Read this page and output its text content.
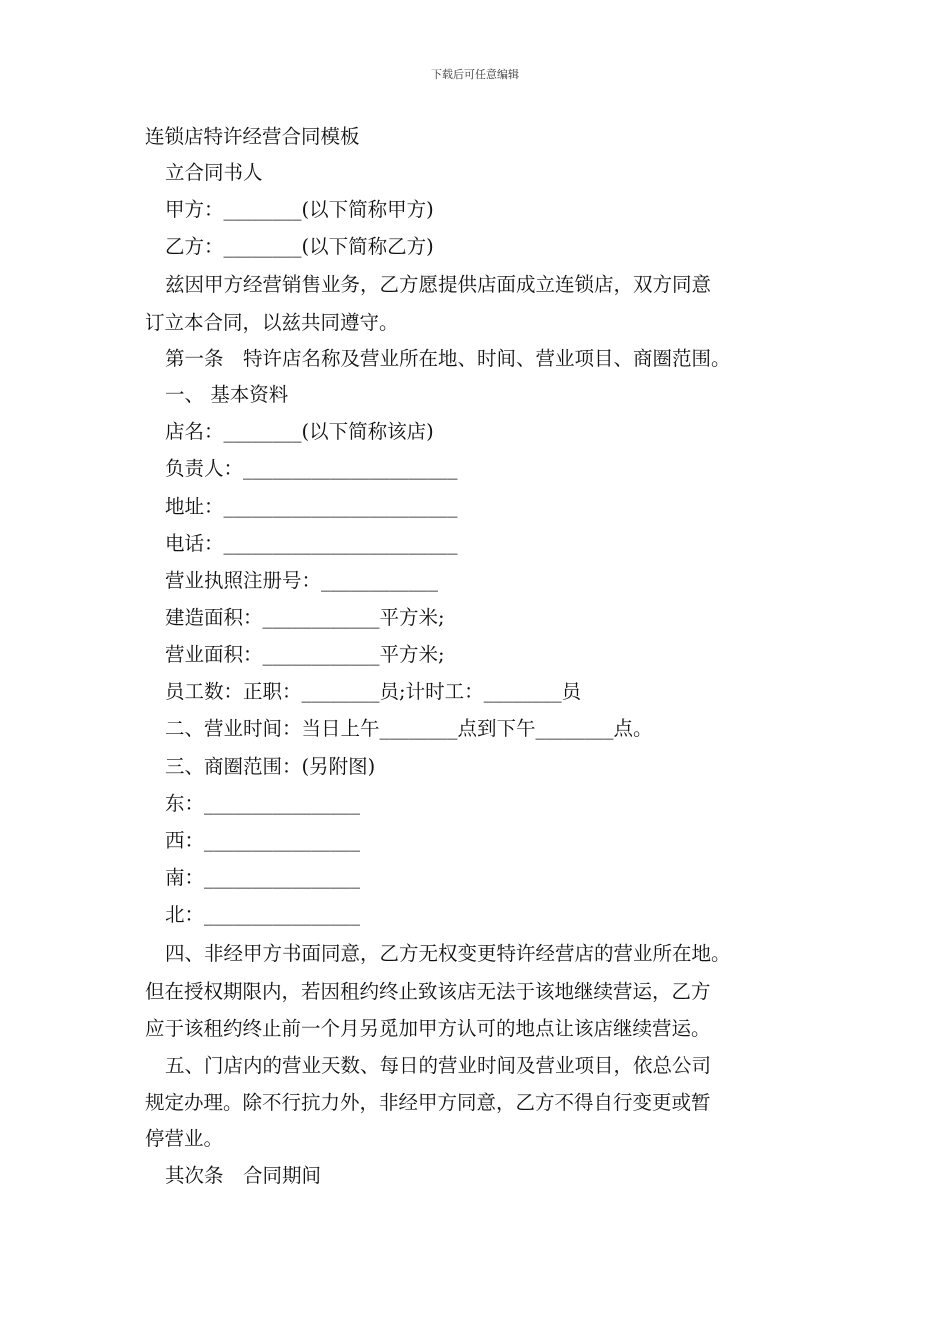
下载后可任意编辑
连锁店特许经营合同模板
立合同书人
甲方：________(以下简称甲方)
乙方：________(以下简称乙方)
兹因甲方经营销售业务，乙方愿提供店面成立连锁店，双方同意
订立本合同，以兹共同遵守。
第一条　特许店名称及营业所在地、时间、营业项目、商圈范围。
一、 基本资料
店名：________(以下简称该店)
负责人：______________________
地址：________________________
电话：________________________
营业执照注册号：____________
建造面积：____________平方米;
营业面积：____________平方米;
员工数：正职：________员;计时工：________员
二、营业时间：当日上午________点到下午________点。
三、商圈范围：(另附图)
东：________________
西：________________
南：________________
北：________________
四、非经甲方书面同意，乙方无权变更特许经营店的营业所在地。
但在授权期限内，若因租约终止致该店无法于该地继续营运，乙方
应于该租约终止前一个月另觅加甲方认可的地点让该店继续营运。
五、门店内的营业天数、每日的营业时间及营业项目，依总公司
规定办理。除不行抗力外，非经甲方同意，乙方不得自行变更或暂
停营业。
其次条　合同期间
